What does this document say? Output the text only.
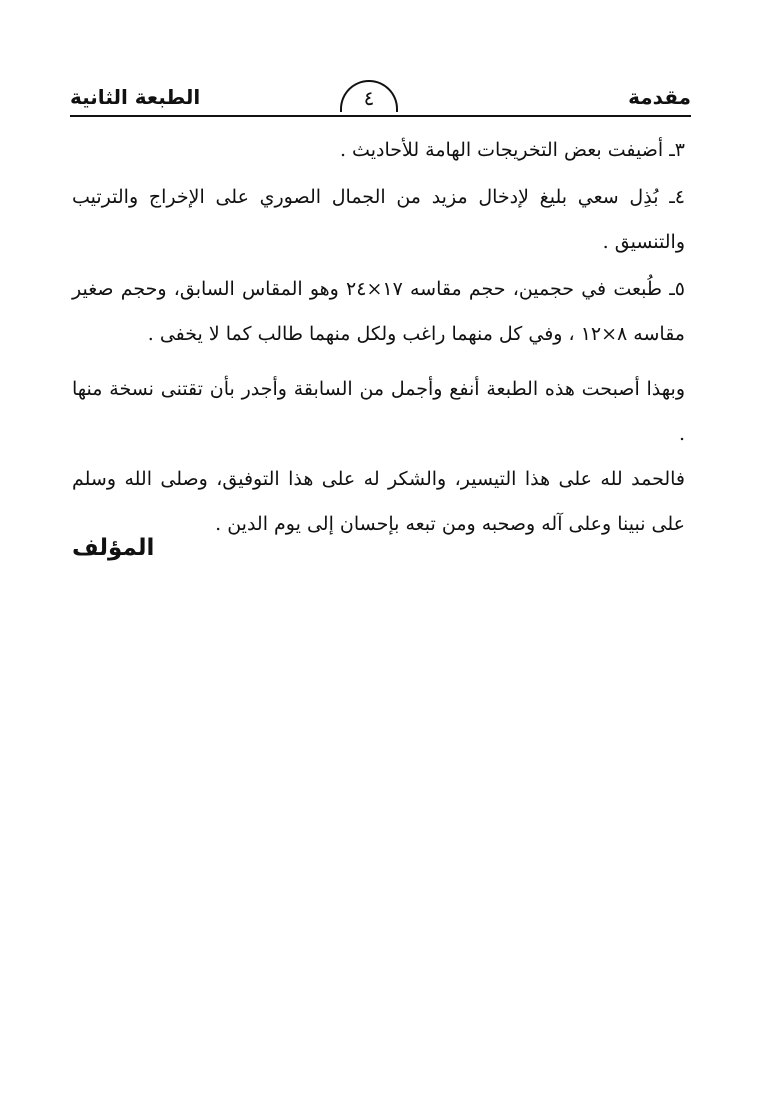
مقدمة
٤
الطبعة الثانية

٣ـ أضيفت بعض التخريجات الهامة للأحاديث .

٤ـ بُذِل سعي بليغ لإدخال مزيد من الجمال الصوري على الإخراج والترتيب والتنسيق .

٥ـ طُبعت في حجمين، حجم مقاسه ١٧×٢٤ وهو المقاس السابق، وحجم صغير مقاسه ٨×١٢ ، وفي كل منهما راغب ولكل منهما طالب كما لا يخفى .

وبهذا أصبحت هذه الطبعة أنفع وأجمل من السابقة وأجدر بأن تقتنى نسخة منها .

فالحمد لله على هذا التيسير، والشكر له على هذا التوفيق، وصلى الله وسلم على نبينا وعلى آله وصحبه ومن تبعه بإحسان إلى يوم الدين .

المؤلف
